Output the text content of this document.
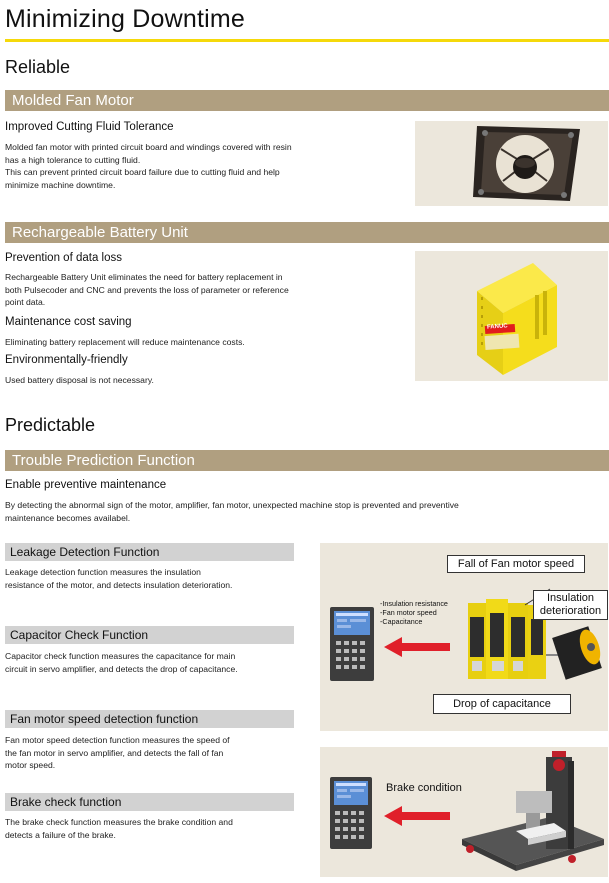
Minimizing Downtime
Reliable
Molded Fan Motor
Improved Cutting Fluid Tolerance
Molded fan motor with printed circuit board and windings covered with resin
has a high tolerance to cutting fluid.
This can prevent printed circuit board failure due to cutting fluid and help
minimize machine downtime.
Rechargeable Battery Unit
Prevention of data loss
Rechargeable Battery Unit eliminates the need for battery replacement in
both Pulsecoder and CNC and prevents the loss of parameter or reference
point data.
Maintenance cost saving
Eliminating battery replacement will reduce maintenance costs.
Environmentally-friendly
Used battery disposal is not necessary.
FANUC
Predictable
Trouble Prediction Function
Enable preventive maintenance
By detecting the abnormal sign of the motor, amplifier, fan motor, unexpected machine stop is prevented and preventive
maintenance becomes availabel.
Leakage Detection Function
Leakage detection function measures the insulation
resistance of the motor, and detects insulation deterioration.
Capacitor Check Function
Capacitor check function measures the capacitance for main
circuit in servo amplifier, and detects the drop of capacitance.
Fan motor speed detection function
Fan motor speed detection function measures the speed of
the fan motor in servo amplifier, and detects the fall of fan
motor speed.
Brake check function
The brake check function measures the brake condition and
detects a failure of the brake.
Fall of Fan motor speed
Insulation
deterioration
Drop of capacitance
-Insulation resistance
-Fan motor speed
-Capacitance
Brake condition
